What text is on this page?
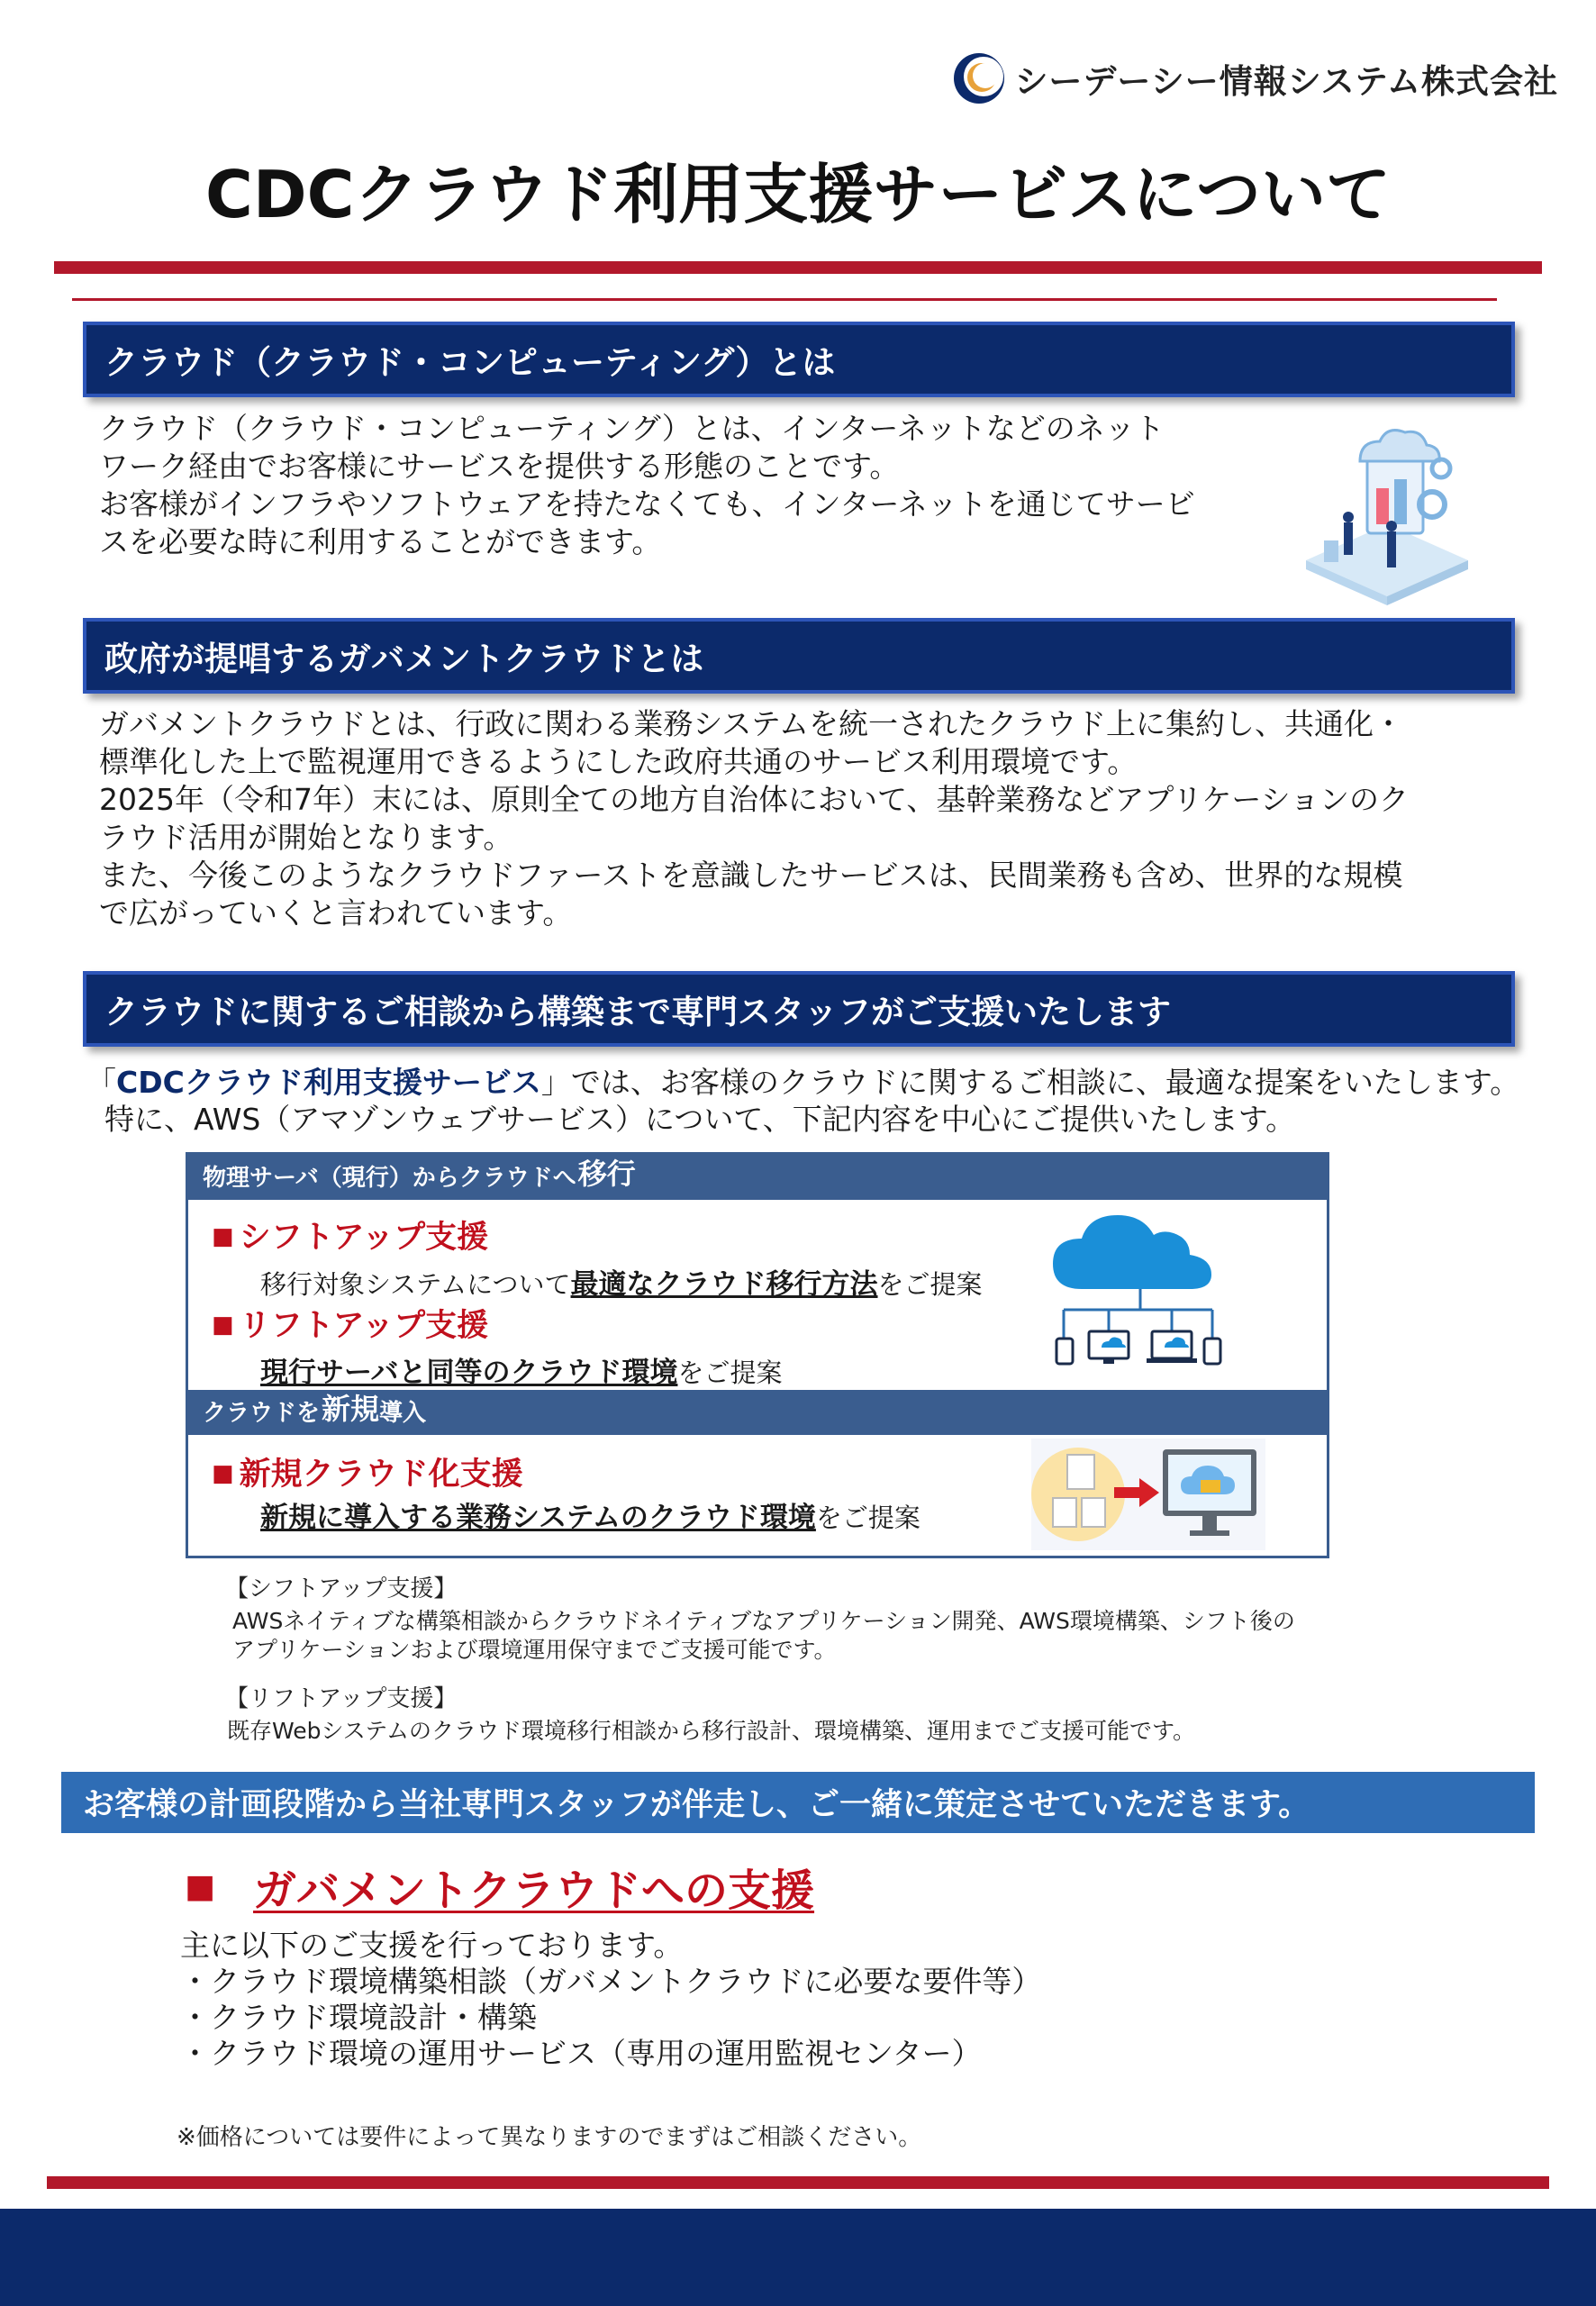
シーデーシー情報システム株式会社
CDCクラウド利用支援サービスについて
クラウド（クラウド・コンピューティング）とは

クラウド（クラウド・コンピューティング）とは、インターネットなどのネット

ワーク経由でお客様にサービスを提供する形態のことです。

お客様がインフラやソフトウェアを持たなくても、インターネットを通じてサービ

スを必要な時に利用することができます。

政府が提唱するガバメントクラウドとは

ガバメントクラウドとは、行政に関わる業務システムを統一されたクラウド上に集約し、共通化・

標準化した上で監視運用できるようにした政府共通のサービス利用環境です。

2025年（令和7年）末には、原則全ての地方自治体において、基幹業務などアプリケーションのク

ラウド活用が開始となります。

また、今後このようなクラウドファーストを意識したサービスは、民間業務も含め、世界的な規模

で広がっていくと言われています。

クラウドに関するご相談から構築まで専門スタッフがご支援いたします
「CDCクラウド利用支援サービス」では、お客様のクラウドに関するご相談に、最適な提案をいたします。
特に、AWS（アマゾンウェブサービス）について、下記内容を中心にご提供いたします。
物理サーバ（現行）からクラウドへ 移行
■ シフトアップ支援
移行対象システムについて最適なクラウド移行方法をご提案
■ リフトアップ支援
現行サーバと同等のクラウド環境をご提案
クラウドを 新規 導入
■ 新規クラウド化支援
新規に導入する業務システムのクラウド環境をご提案
【シフトアップ支援】

AWSネイティブな構築相談からクラウドネイティブなアプリケーション開発、AWS環境構築、シフト後の

アプリケーションおよび環境運用保守までご支援可能です。

【リフトアップ支援】

既存Webシステムのクラウド環境移行相談から移行設計、環境構築、運用までご支援可能です。

お客様の計画段階から当社専門スタッフが伴走し、ご一緒に策定させていただきます。
■ ガバメントクラウドへの支援

主に以下のご支援を行っております。

・クラウド環境構築相談（ガバメントクラウドに必要な要件等）

・クラウド環境設計・構築

・クラウド環境の運用サービス（専用の運用監視センター）

※価格については要件によって異なりますのでまずはご相談ください。
